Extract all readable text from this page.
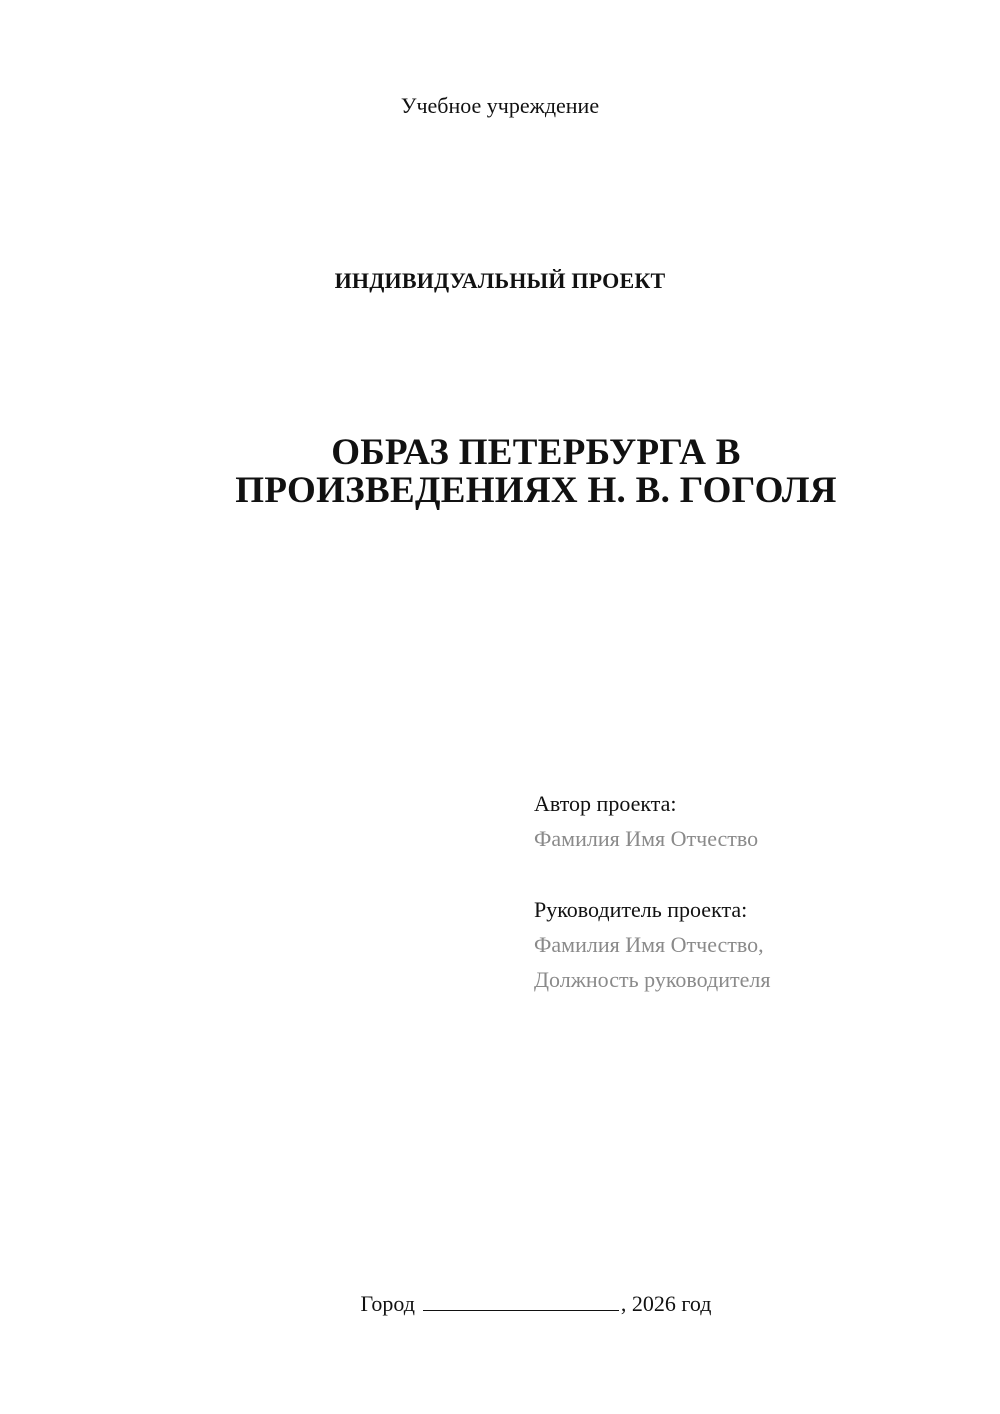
Учебное учреждение
ИНДИВИДУАЛЬНЫЙ ПРОЕКТ
ОБРАЗ ПЕТЕРБУРГА В
ПРОИЗВЕДЕНИЯХ Н. В. ГОГОЛЯ
Автор проекта:
Фамилия Имя Отчество
Руководитель проекта:
Фамилия Имя Отчество,
Должность руководителя
Город	, 2026 год
